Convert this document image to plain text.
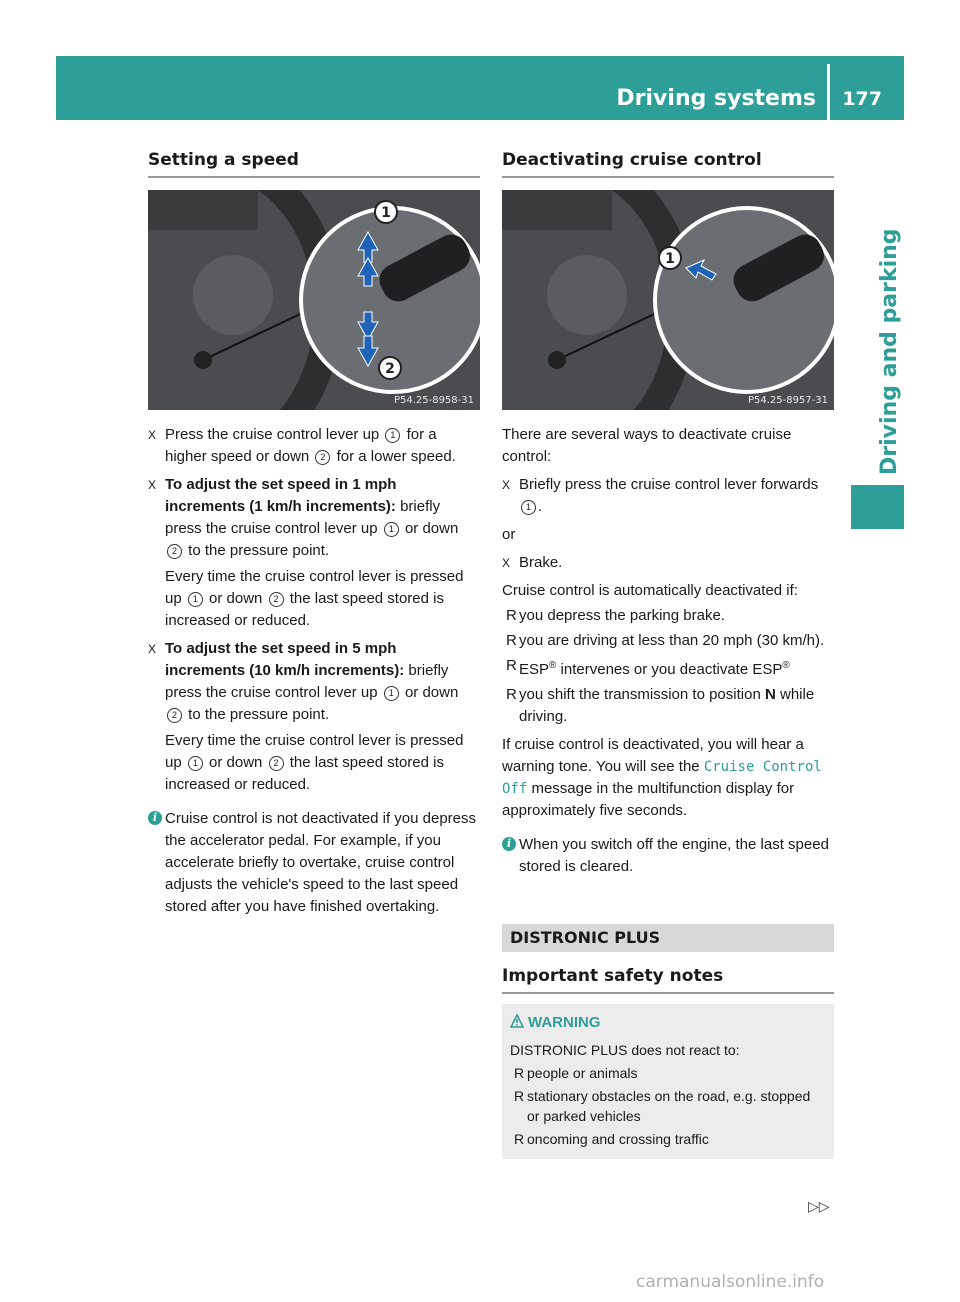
Driving systems 177
Driving and parking
Setting a speed
1
2
P54.25-8958-31
X Press the cruise control lever up 1 for a higher speed or down 2 for a lower speed.
X To adjust the set speed in 1 mph increments (1 km/h increments): briefly press the cruise control lever up 1 or down 2 to the pressure point.

Every time the cruise control lever is pressed up 1 or down 2 the last speed stored is increased or reduced.

X To adjust the set speed in 5 mph increments (10 km/h increments): briefly press the cruise control lever up 1 or down 2 to the pressure point.

Every time the cruise control lever is pressed up 1 or down 2 the last speed stored is increased or reduced.

i Cruise control is not deactivated if you depress the accelerator pedal. For example, if you accelerate briefly to overtake, cruise control adjusts the vehicle's speed to the last speed stored after you have finished overtaking.
Deactivating cruise control
1
P54.25-8957-31

There are several ways to deactivate cruise control:

X Briefly press the cruise control lever forwards 1 .

or

X Brake.

Cruise control is automatically deactivated if:

R you depress the parking brake.
R you are driving at less than 20 mph (30 km/h).
R ESP® intervenes or you deactivate ESP®
R you shift the transmission to position N while driving.

If cruise control is deactivated, you will hear a warning tone. You will see the Cruise Control Off message in the multifunction display for approximately five seconds.

i When you switch off the engine, the last speed stored is cleared.
DISTRONIC PLUS
Important safety notes
WARNING

DISTRONIC PLUS does not react to:

R people or animals
R stationary obstacles on the road, e.g. stopped or parked vehicles
R oncoming and crossing traffic
▷▷
carmanualsonline.info
